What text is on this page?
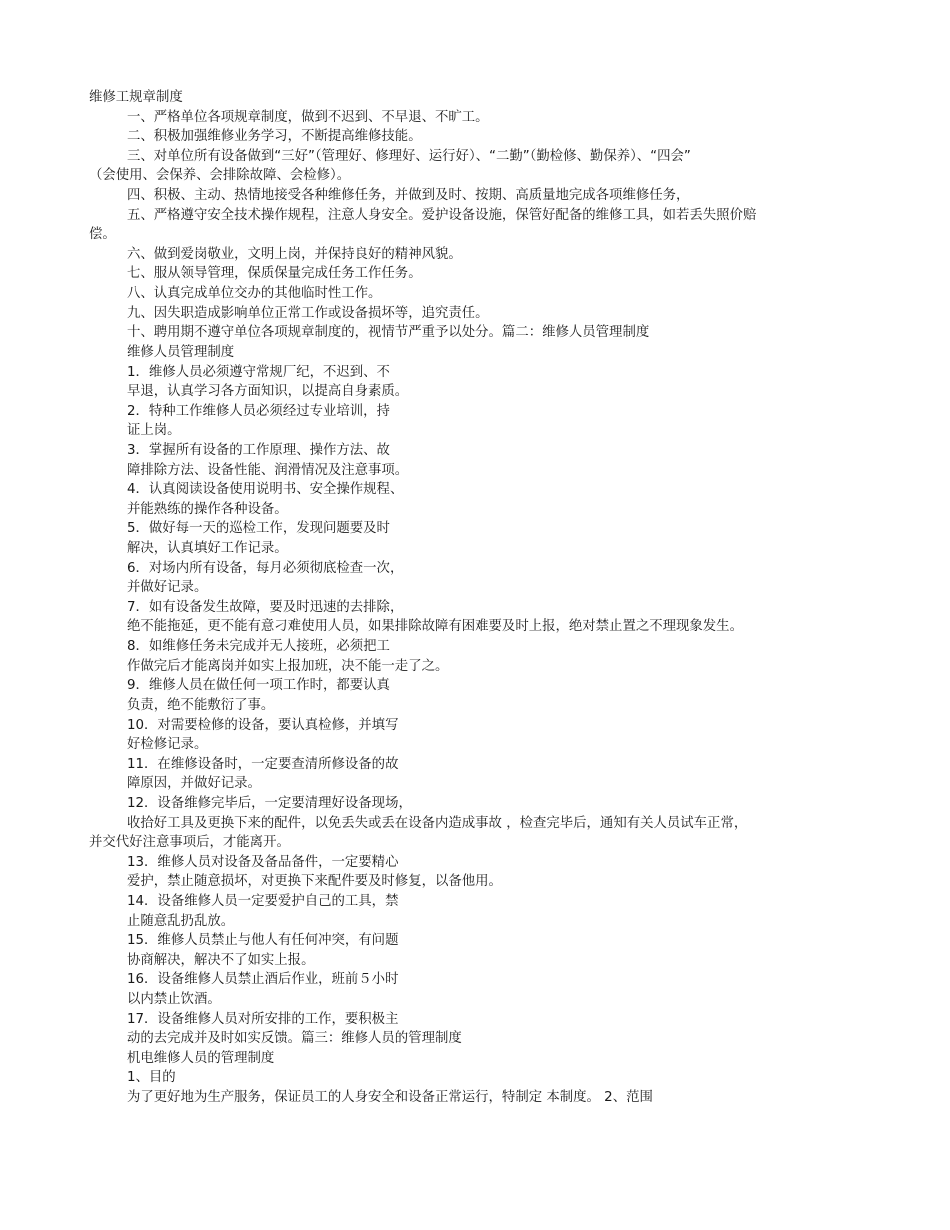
维修工规章制度
一、严格单位各项规章制度，做到不迟到、不早退、不旷工。
二、积极加强维修业务学习，不断提高维修技能。
三、对单位所有设备做到“三好”（管理好、修理好、运行好）、“二勤”（勤检修、勤保养）、“四会”
（会使用、会保养、会排除故障、会检修）。
四、积极、主动、热情地接受各种维修任务，并做到及时、按期、高质量地完成各项维修任务，
五、严格遵守安全技术操作规程，注意人身安全。爱护设备设施，保管好配备的维修工具，如若丢失照价赔
偿。
六、做到爱岗敬业，文明上岗，并保持良好的精神风貌。
七、服从领导管理，保质保量完成任务工作任务。
八、认真完成单位交办的其他临时性工作。
九、因失职造成影响单位正常工作或设备损坏等，追究责任。
十、聘用期不遵守单位各项规章制度的，视情节严重予以处分。篇二：维修人员管理制度
维修人员管理制度
1．维修人员必须遵守常规厂纪，不迟到、不
早退，认真学习各方面知识，以提高自身素质。
2．特种工作维修人员必须经过专业培训，持
证上岗。
3．掌握所有设备的工作原理、操作方法、故
障排除方法、设备性能、润滑情况及注意事项。
4．认真阅读设备使用说明书、安全操作规程、
并能熟练的操作各种设备。
5．做好每一天的巡检工作，发现问题要及时
解决，认真填好工作记录。
6．对场内所有设备，每月必须彻底检查一次，
并做好记录。
7．如有设备发生故障，要及时迅速的去排除，
绝不能拖延，更不能有意刁难使用人员，如果排除故障有困难要及时上报，绝对禁止置之不理现象发生。
8．如维修任务未完成并无人接班，必须把工
作做完后才能离岗并如实上报加班，决不能一走了之。
9．维修人员在做任何一项工作时，都要认真
负责，绝不能敷衍了事。
10．对需要检修的设备，要认真检修，并填写
好检修记录。
11．在维修设备时，一定要查清所修设备的故
障原因，并做好记录。
12．设备维修完毕后，一定要清理好设备现场，
收拾好工具及更换下来的配件，以免丢失或丢在设备内造成事故 ，检查完毕后，通知有关人员试车正常，
并交代好注意事项后，才能离开。
13．维修人员对设备及备品备件，一定要精心
爱护，禁止随意损坏，对更换下来配件要及时修复，以备他用。
14．设备维修人员一定要爱护自己的工具，禁
止随意乱扔乱放。
15．维修人员禁止与他人有任何冲突，有问题
协商解决，解决不了如实上报。
16．设备维修人员禁止酒后作业，班前５小时
以内禁止饮酒。
17．设备维修人员对所安排的工作，要积极主
动的去完成并及时如实反馈。篇三：维修人员的管理制度
机电维修人员的管理制度
1、目的
为了更好地为生产服务，保证员工的人身安全和设备正常运行，特制定 本制度。 2、范围
